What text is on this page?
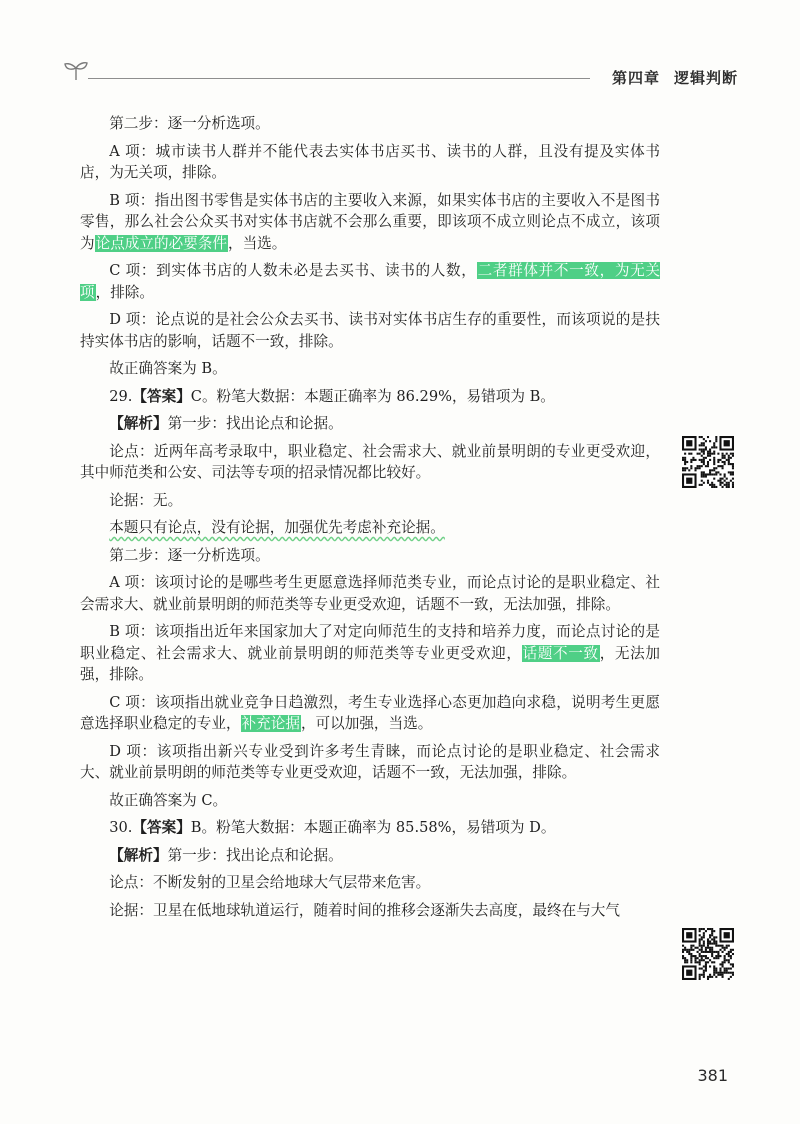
第四章 逻辑判断

第二步：逐一分析选项。

A 项：城市读书人群并不能代表去实体书店买书、读书的人群，且没有提及实体书店，为无关项，排除。

B 项：指出图书零售是实体书店的主要收入来源，如果实体书店的主要收入不是图书零售，那么社会公众买书对实体书店就不会那么重要，即该项不成立则论点不成立，该项为论点成立的必要条件，当选。

C 项：到实体书店的人数未必是去买书、读书的人数，二者群体并不一致，为无关项，排除。

D 项：论点说的是社会公众去买书、读书对实体书店生存的重要性，而该项说的是扶持实体书店的影响，话题不一致，排除。

故正确答案为 B。

29.【答案】C。粉笔大数据：本题正确率为 86.29%，易错项为 B。

【解析】第一步：找出论点和论据。

论点：近两年高考录取中，职业稳定、社会需求大、就业前景明朗的专业更受欢迎，其中师范类和公安、司法等专项的招录情况都比较好。

论据：无。

本题只有论点，没有论据，加强优先考虑补充论据。

第二步：逐一分析选项。

A 项：该项讨论的是哪些考生更愿意选择师范类专业，而论点讨论的是职业稳定、社会需求大、就业前景明朗的师范类等专业更受欢迎，话题不一致，无法加强，排除。

B 项：该项指出近年来国家加大了对定向师范生的支持和培养力度，而论点讨论的是职业稳定、社会需求大、就业前景明朗的师范类等专业更受欢迎，话题不一致，无法加强，排除。

C 项：该项指出就业竞争日趋激烈，考生专业选择心态更加趋向求稳，说明考生更愿意选择职业稳定的专业，补充论据，可以加强，当选。

D 项：该项指出新兴专业受到许多考生青睐，而论点讨论的是职业稳定、社会需求大、就业前景明朗的师范类等专业更受欢迎，话题不一致，无法加强，排除。

故正确答案为 C。

30.【答案】B。粉笔大数据：本题正确率为 85.58%，易错项为 D。

【解析】第一步：找出论点和论据。

论点：不断发射的卫星会给地球大气层带来危害。

论据：卫星在低地球轨道运行，随着时间的推移会逐渐失去高度，最终在与大气

381
